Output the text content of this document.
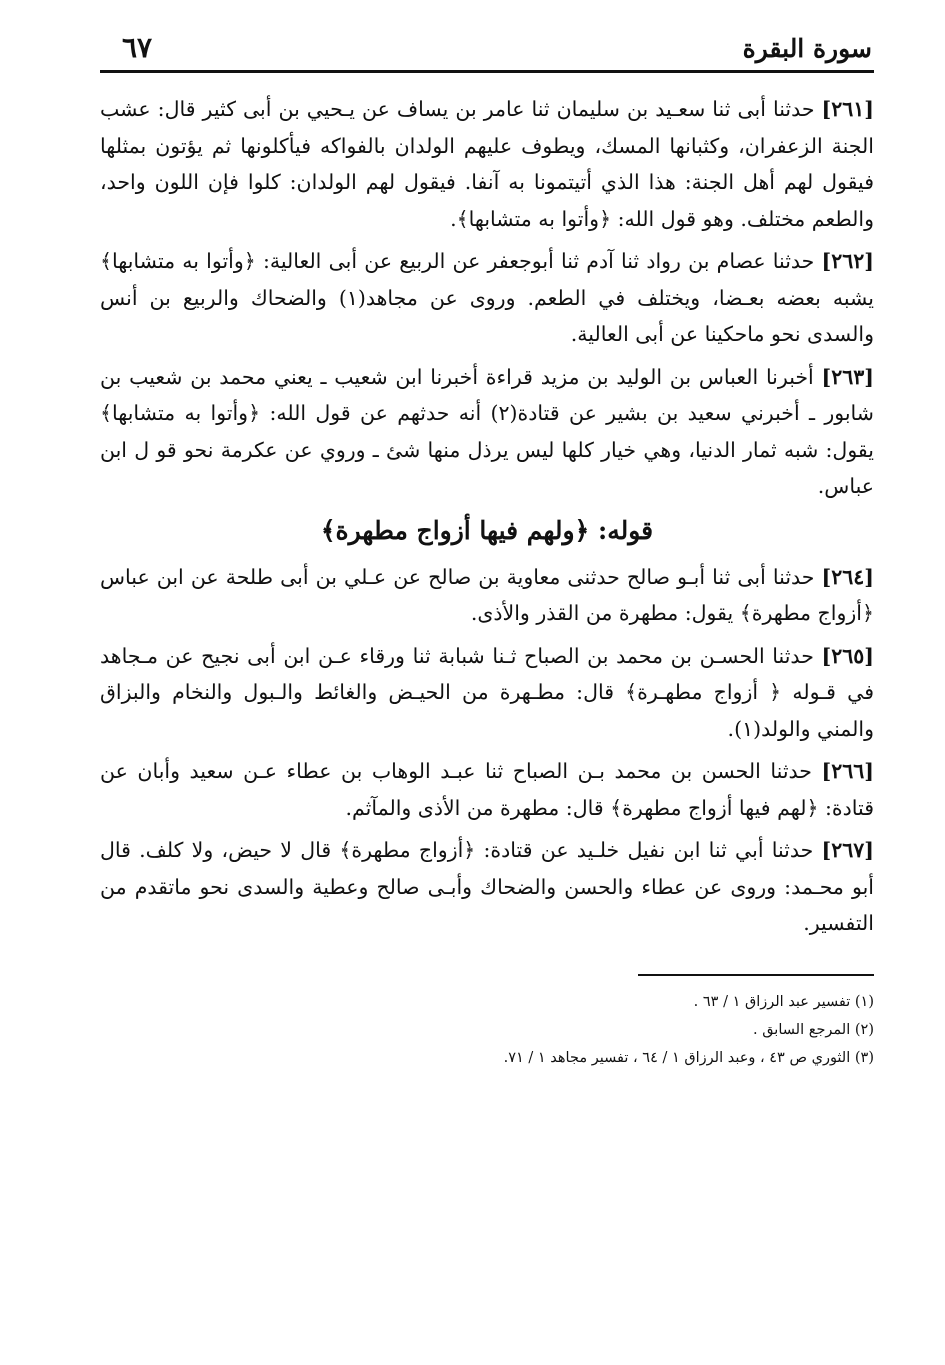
سورة البقرة
٦٧

[٢٦١] حدثنا أبى ثنا سعـيد بن سليمان ثنا عامر بن يساف عن يـحيي بن أبى كثير قال: عشب الجنة الزعفران، وكثبانها المسك، ويطوف عليهم الولدان بالفواكه فيأكلونها ثم يؤتون بمثلها فيقول لهم أهل الجنة: هذا الذي أتيتمونا به آنفا. فيقول لهم الولدان: كلوا فإن اللون واحد، والطعم مختلف. وهو قول الله: ﴿وأتوا به متشابها﴾.

[٢٦٢] حدثنا عصام بن رواد ثنا آدم ثنا أبوجعفر عن الربيع عن أبى العالية: ﴿وأتوا به متشابها﴾ يشبه بعضه بعـضا، ويختلف في الطعم. وروى عن مجاهد(١) والضحاك والربيع بن أنس والسدى نحو ماحكينا عن أبى العالية.

[٢٦٣] أخبرنا العباس بن الوليد بن مزيد قراءة أخبرنا ابن شعيب ـ يعني محمد بن شعيب بن شابور ـ أخبرني سعيد بن بشير عن قتادة(٢) أنه حدثهم عن قول الله: ﴿وأتوا به متشابها﴾ يقول: شبه ثمار الدنيا، وهي خيار كلها ليس يرذل منها شئ ـ وروي عن عكرمة نحو قو ل ابن عباس.

قوله: ﴿ولهم فيها أزواج مطهرة﴾

[٢٦٤] حدثنا أبى ثنا أبـو صالح حدثنى معاوية بن صالح عن عـلي بن أبى طلحة عن ابن عباس ﴿أزواج مطهرة﴾ يقول: مطهرة من القذر والأذى.

[٢٦٥] حدثنا الحسـن بن محمد بن الصباح ثـنا شبابة ثنا ورقاء عـن ابن أبى نجيح عن مـجاهد في قـوله ﴿ أزواج مطهـرة﴾ قال: مطـهرة من الحيـض والغائط والـبول والنخام والبزاق والمني والولد(١).

[٢٦٦] حدثنا الحسن بن محمد بـن الصباح ثنا عبـد الوهاب بن عطاء عـن سعيد وأبان عن قتادة: ﴿لهم فيها أزواج مطهرة﴾ قال: مطهرة من الأذى والمآثم.

[٢٦٧] حدثنا أبي ثنا ابن نفيل خلـيد عن قتادة: ﴿أزواج مطهرة﴾ قال لا حيض، ولا كلف. قال أبو محـمد: وروى عن عطاء والحسن والضحاك وأبـى صالح وعطية والسدى نحو ماتقدم من التفسير.

(١) تفسير عبد الرزاق ١ / ٦٣ .
(٢) المرجع السابق .
(٣) الثوري ص ٤٣ ، وعبد الرزاق ١ / ٦٤ ، تفسير مجاهد ١ / ٧١.
